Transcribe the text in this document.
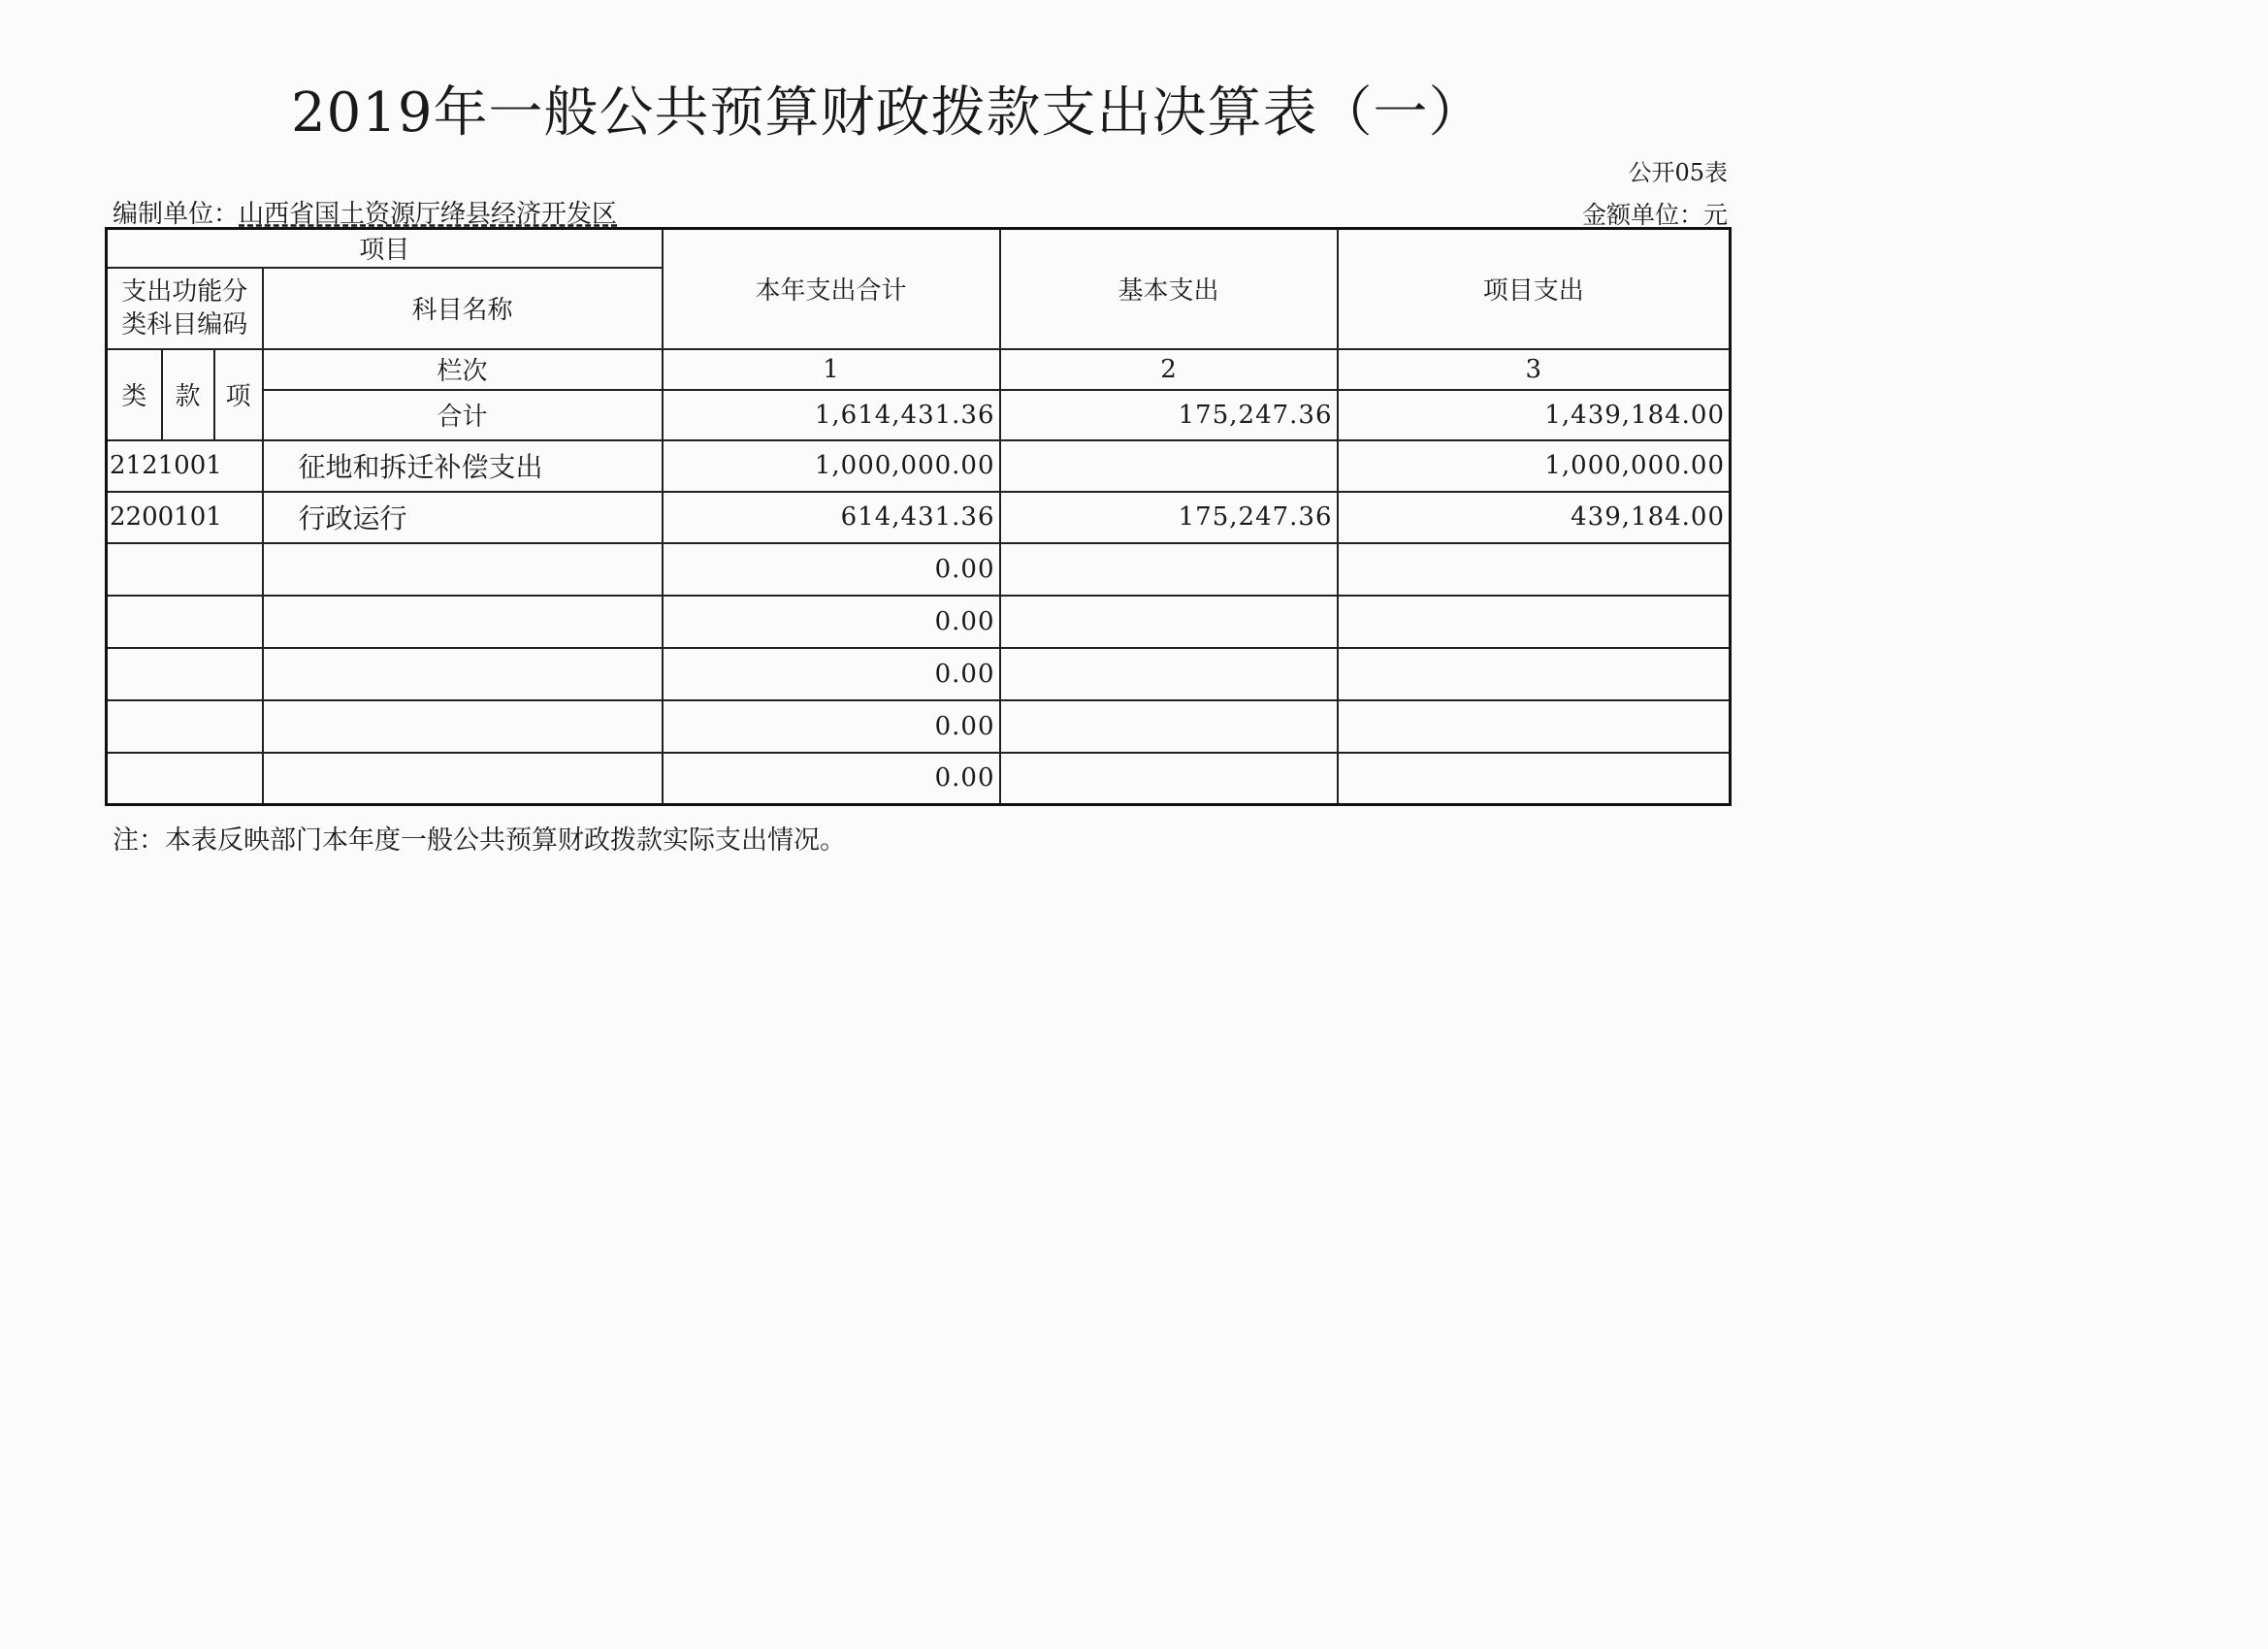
2019年一般公共预算财政拨款支出决算表（一）
公开05表
编制单位：山西省国土资源厅绛县经济开发区	金额单位：元
项目				本年支出合计	基本支出	项目支出
支出功能分类科目编码			科目名称			

类	款	项	栏次	1	2	3
			合计	1,614,431.36	175,247.36	1,439,184.00
2121001			征地和拆迁补偿支出	1,000,000.00		1,000,000.00
2200101			行政运行	614,431.36	175,247.36	439,184.00
				0.00		
				0.00		
				0.00		
				0.00		
				0.00		
注：本表反映部门本年度一般公共预算财政拨款实际支出情况。
